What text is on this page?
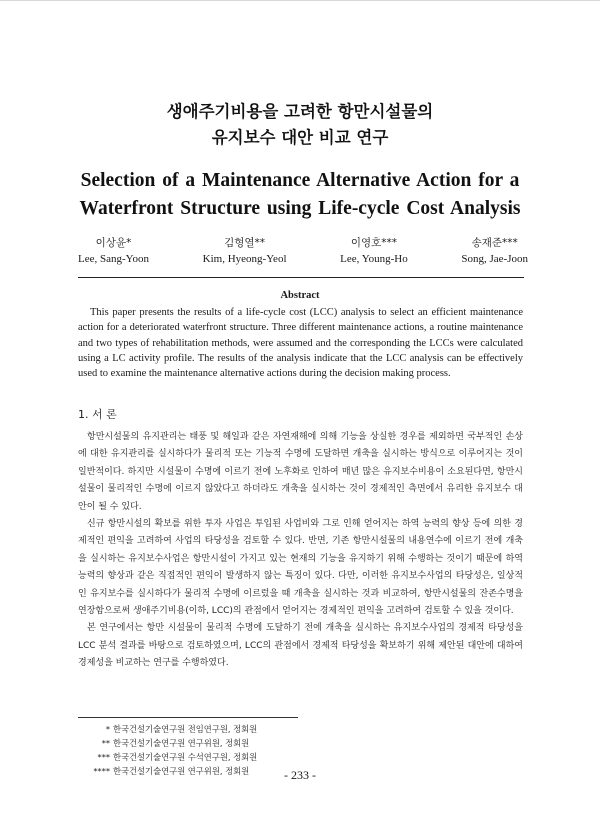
생애주기비용을 고려한 항만시설물의
유지보수 대안 비교 연구
Selection of a Maintenance Alternative Action for a
Waterfront Structure using Life-cycle Cost Analysis
이상윤*
Lee, Sang-Yoon
김형열**
Kim, Hyeong-Yeol
이영호***
Lee, Young-Ho
송재준***
Song, Jae-Joon
Abstract
This paper presents the results of a life-cycle cost (LCC) analysis to select an efficient maintenance action for a deteriorated waterfront structure. Three different maintenance actions, a routine maintenance and two types of rehabilitation methods, were assumed and the corresponding the LCCs were calculated using a LC activity profile. The results of the analysis indicate that the LCC analysis can be effectively used to examine the maintenance alternative actions during the decision making process.
1. 서 론

항만시설물의 유지관리는 태풍 및 해일과 같은 자연재해에 의해 기능을 상실한 경우를 제외하면 국부적인 손상에 대한 유지관리를 실시하다가 물리적 또는 기능적 수명에 도달하면 개축을 실시하는 방식으로 이루어지는 것이 일반적이다. 하지만 시설물이 수명에 이르기 전에 노후화로 인하여 매년 많은 유지보수비용이 소요된다면, 항만시설물이 물리적인 수명에 이르지 않았다고 하더라도 개축을 실시하는 것이 경제적인 측면에서 유리한 유지보수 대안이 될 수 있다.

신규 항만시설의 확보를 위한 투자 사업은 투입된 사업비와 그로 인해 얻어지는 하역 능력의 향상 등에 의한 경제적인 편익을 고려하여 사업의 타당성을 검토할 수 있다. 반면, 기존 항만시설물의 내용연수에 이르기 전에 개축을 실시하는 유지보수사업은 항만시설이 가지고 있는 현재의 기능을 유지하기 위해 수행하는 것이기 때문에 하역능력의 향상과 같은 직접적인 편익이 발생하지 않는 특징이 있다. 다만, 이러한 유지보수사업의 타당성은, 일상적인 유지보수를 실시하다가 물리적 수명에 이르렀을 때 개축을 실시하는 것과 비교하여, 항만시설물의 잔존수명을 연장함으로써 생애주기비용(이하, LCC)의 관점에서 얻어지는 경제적인 편익을 고려하여 검토할 수 있을 것이다.

본 연구에서는 항만 시설물이 물리적 수명에 도달하기 전에 개축을 실시하는 유지보수사업의 경제적 타당성을 LCC 분석 결과를 바탕으로 검토하였으며, LCC의 관점에서 경제적 타당성을 확보하기 위해 제안된 대안에 대하여 경제성을 비교하는 연구를 수행하였다.

* 한국건설기술연구원 전임연구원, 정회원
** 한국건설기술연구원 연구위원, 정회원
*** 한국건설기술연구원 수석연구원, 정회원
**** 한국건설기술연구원 연구위원, 정회원	- 233 -
